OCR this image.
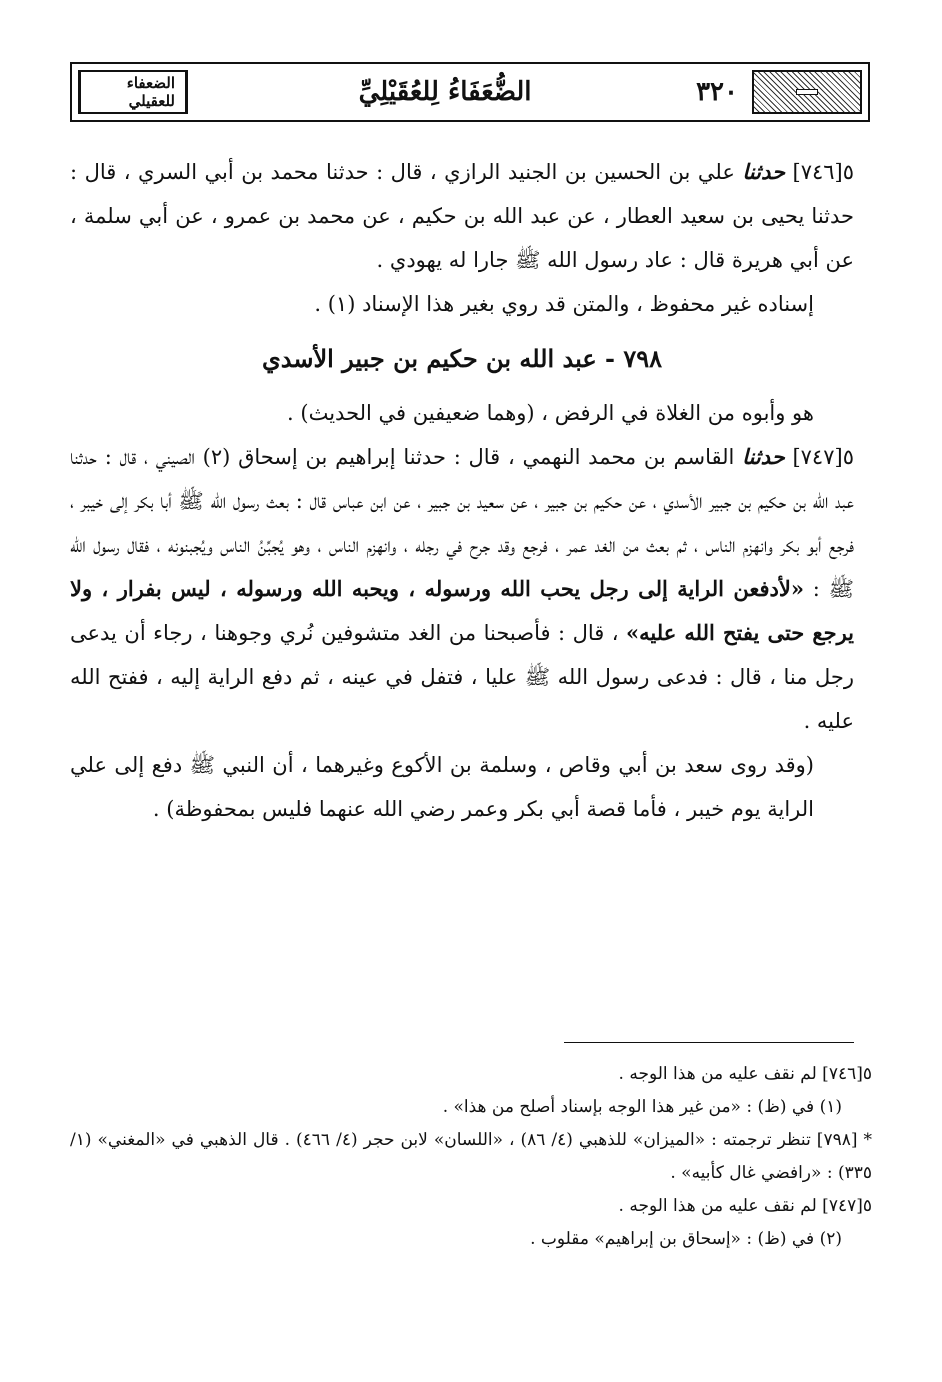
٣٢٠
الضُّعَفَاءُ لِلعُقَيْلِيِّ
الضعفاء للعقيلي

٥[٧٤٦] حدثنا علي بن الحسين بن الجنيد الرازي ، قال : حدثنا محمد بن أبي السري ، قال : حدثنا يحيى بن سعيد العطار ، عن عبد الله بن حكيم ، عن محمد بن عمرو ، عن أبي سلمة ، عن أبي هريرة قال : عاد رسول الله ﷺ جارا له يهودي .

إسناده غير محفوظ ، والمتن قد روي بغير هذا الإسناد (١) .

٧٩٨ - عبد الله بن حكيم بن جبير الأسدي

هو وأبوه من الغلاة في الرفض ، (وهما ضعيفين في الحديث) .

٥[٧٤٧] حدثنا القاسم بن محمد النهمي ، قال : حدثنا إبراهيم بن إسحاق (٢) الصيني ، قال : حدثنا عبد الله بن حكيم بن جبير الأسدي ، عن حكيم بن جبير ، عن سعيد بن جبير ، عن ابن عباس قال : بعث رسول الله ﷺ أبا بكر إلى خيبر ، فرجع أبو بكر وانهزم الناس ، ثم بعث من الغد عمر ، فرجع وقد جرح في رجله ، وانهزم الناس ، وهو يُجبِّنُ الناس ويُجبنونه ، فقال رسول الله ﷺ : «لأدفعن الراية إلى رجل يحب الله ورسوله ، ويحبه الله ورسوله ، ليس بفرار ، ولا يرجع حتى يفتح الله عليه» ، قال : فأصبحنا من الغد متشوفين نُري وجوهنا ، رجاء أن يدعى رجل منا ، قال : فدعى رسول الله ﷺ عليا ، فتفل في عينه ، ثم دفع الراية إليه ، ففتح الله عليه .

(وقد روى سعد بن أبي وقاص ، وسلمة بن الأكوع وغيرهما ، أن النبي ﷺ دفع إلى علي الراية يوم خيبر ، فأما قصة أبي بكر وعمر رضي الله عنهما فليس بمحفوظة) .

٥[٧٤٦] لم نقف عليه من هذا الوجه .

(١) في (ظ) : «من غير هذا الوجه بإسناد أصلح من هذا» .

* [٧٩٨] تنظر ترجمته : «الميزان» للذهبي (٤/ ٨٦) ، «اللسان» لابن حجر (٤/ ٤٦٦) . قال الذهبي في «المغني» (١/ ٣٣٥) : «رافضي غال كأبيه» .

٥[٧٤٧] لم نقف عليه من هذا الوجه .

(٢) في (ظ) : «إسحاق بن إبراهيم» مقلوب .
